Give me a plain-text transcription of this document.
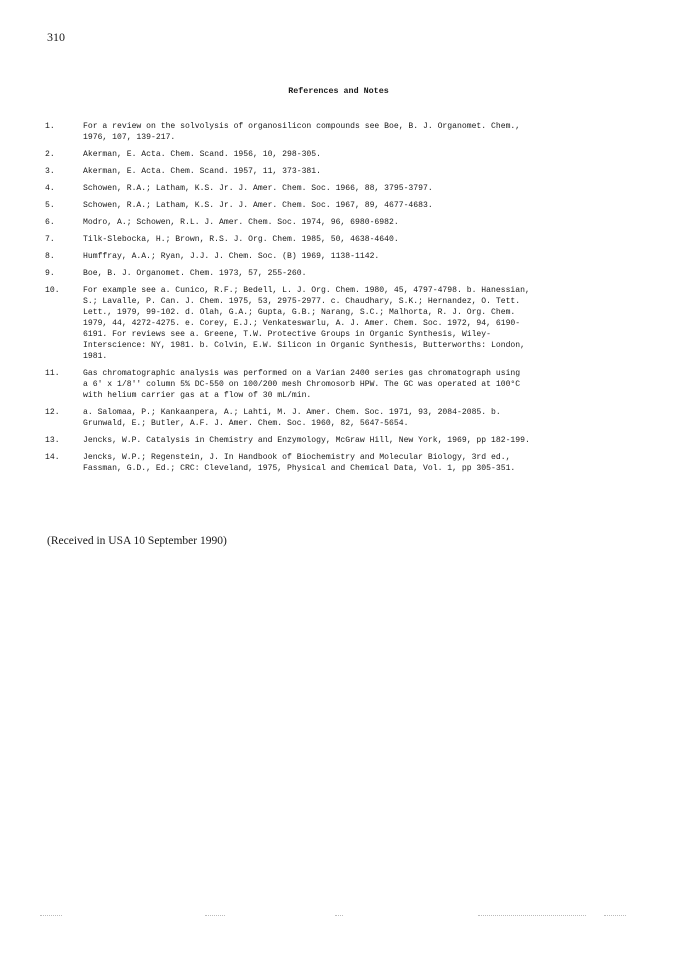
310
References and Notes
1.	For a review on the solvolysis of organosilicon compounds see Boe, B. J. Organomet. Chem.,
1976, 107, 139-217.
2.	Akerman, E. Acta. Chem. Scand. 1956, 10, 298-305.
3.	Akerman, E. Acta. Chem. Scand. 1957, 11, 373-381.
4.	Schowen, R.A.; Latham, K.S. Jr. J. Amer. Chem. Soc. 1966, 88, 3795-3797.
5.	Schowen, R.A.; Latham, K.S. Jr. J. Amer. Chem. Soc. 1967, 89, 4677-4683.
6.	Modro, A.; Schowen, R.L. J. Amer. Chem. Soc. 1974, 96, 6980-6982.
7.	Tilk-Slebocka, H.; Brown, R.S. J. Org. Chem. 1985, 50, 4638-4640.
8.	Humffray, A.A.; Ryan, J.J. J. Chem. Soc. (B) 1969, 1138-1142.
9.	Boe, B. J. Organomet. Chem. 1973, 57, 255-260.
10.	For example see a. Cunico, R.F.; Bedell, L. J. Org. Chem. 1980, 45, 4797-4798. b. Hanessian,
S.; Lavalle, P. Can. J. Chem. 1975, 53, 2975-2977. c. Chaudhary, S.K.; Hernandez, O. Tett.
Lett., 1979, 99-102. d. Olah, G.A.; Gupta, G.B.; Narang, S.C.; Malhorta, R. J. Org. Chem.
1979, 44, 4272-4275. e. Corey, E.J.; Venkateswarlu, A. J. Amer. Chem. Soc. 1972, 94, 6190-
6191. For reviews see a. Greene, T.W. Protective Groups in Organic Synthesis, Wiley-
Interscience: NY, 1981. b. Colvin, E.W. Silicon in Organic Synthesis, Butterworths: London,
1981.
11.	Gas chromatographic analysis was performed on a Varian 2400 series gas chromatograph using
a 6' x 1/8'' column 5% DC-550 on 100/200 mesh Chromosorb HPW. The GC was operated at 100°C
with helium carrier gas at a flow of 30 mL/min.
12.	a. Salomaa, P.; Kankaanpera, A.; Lahti, M. J. Amer. Chem. Soc. 1971, 93, 2084-2085. b.
Grunwald, E.; Butler, A.F. J. Amer. Chem. Soc. 1960, 82, 5647-5654.
13.	Jencks, W.P. Catalysis in Chemistry and Enzymology, McGraw Hill, New York, 1969, pp 182-199.
14.	Jencks, W.P.; Regenstein, J. In Handbook of Biochemistry and Molecular Biology, 3rd ed.,
Fassman, G.D., Ed.; CRC: Cleveland, 1975, Physical and Chemical Data, Vol. 1, pp 305-351.
(Received in USA 10 September 1990)
